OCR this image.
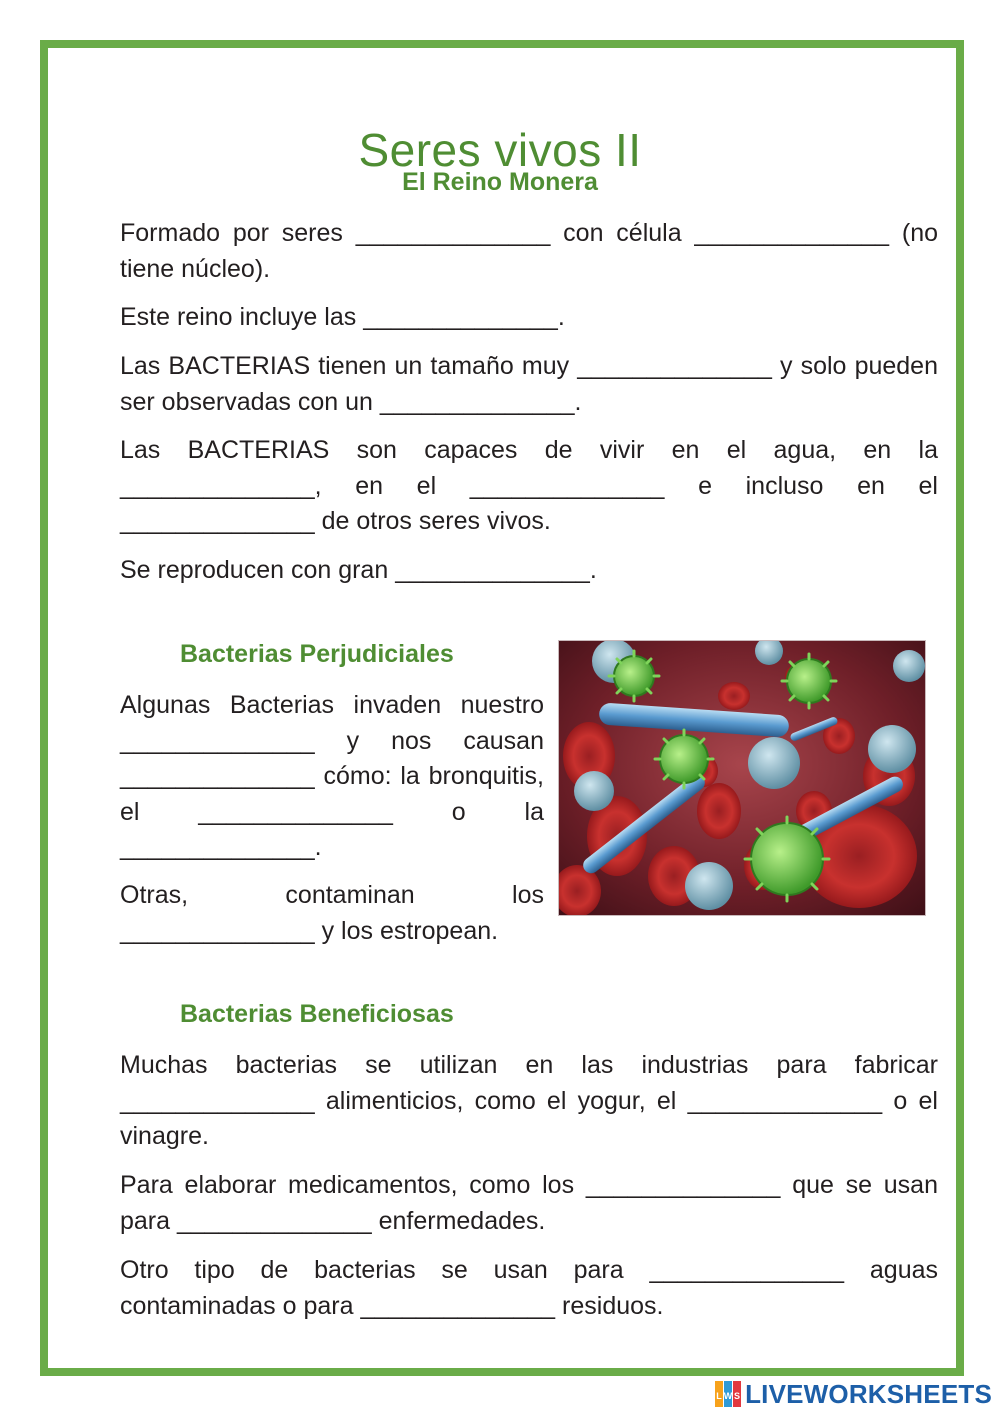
Seres vivos II
El Reino Monera

Formado por seres ______________ con célula ______________ (no tiene núcleo).

Este reino incluye las ______________.

Las BACTERIAS tienen un tamaño muy ______________ y solo pueden ser observadas con un ______________.

Las BACTERIAS son capaces de vivir en el agua, en la ______________, en el ______________ e incluso en el ______________ de otros seres vivos.

Se reproducen con gran ______________.

Bacterias Perjudiciales

Algunas Bacterias invaden nuestro ______________ y nos causan ______________ cómo: la bronquitis, el ______________ o la ______________.

Otras, contaminan los ______________ y los estropean.

Bacterias Beneficiosas

Muchas bacterias se utilizan en las industrias para fabricar ______________ alimenticios, como el yogur, el ______________ o el vinagre.

Para elaborar medicamentos, como los ______________ que se usan para ______________ enfermedades.

Otro tipo de bacterias se usan para ______________ aguas contaminadas o para ______________ residuos.

L W S LIVEWORKSHEETS
